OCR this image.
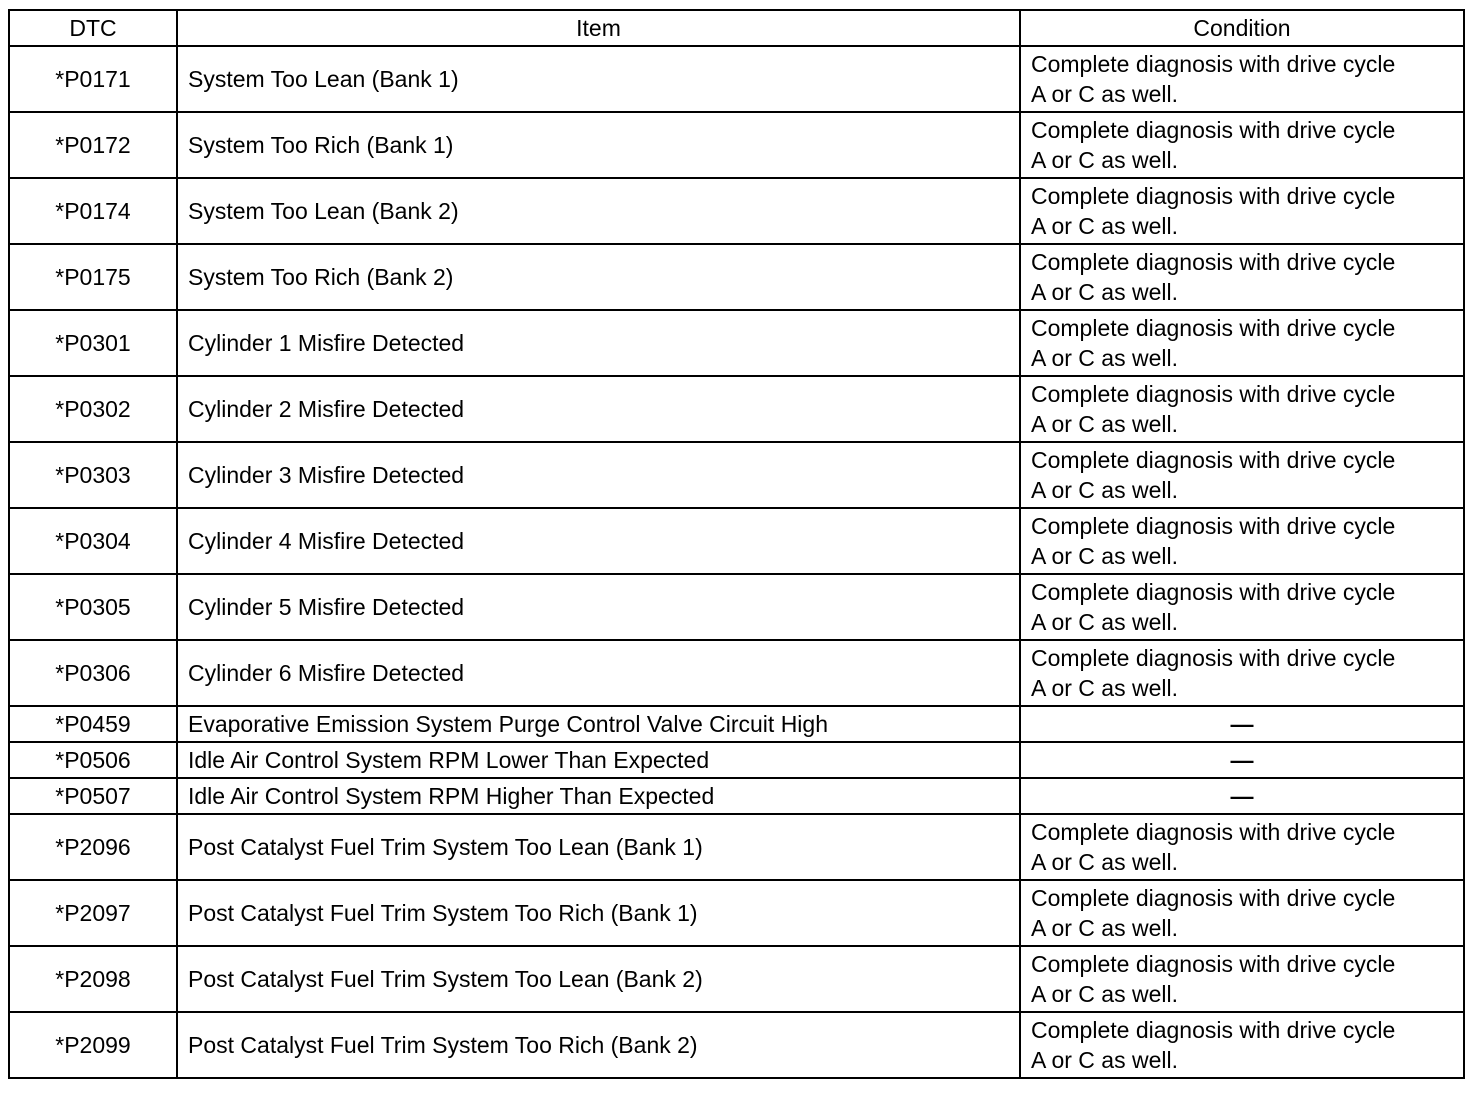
DTC	Item	Condition
*P0171	System Too Lean (Bank 1)	Complete diagnosis with drive cycle
A or C as well.

*P0172	System Too Rich (Bank 1)	Complete diagnosis with drive cycle
A or C as well.

*P0174	System Too Lean (Bank 2)	Complete diagnosis with drive cycle
A or C as well.

*P0175	System Too Rich (Bank 2)	Complete diagnosis with drive cycle
A or C as well.

*P0301	Cylinder 1 Misfire Detected	Complete diagnosis with drive cycle
A or C as well.

*P0302	Cylinder 2 Misfire Detected	Complete diagnosis with drive cycle
A or C as well.

*P0303	Cylinder 3 Misfire Detected	Complete diagnosis with drive cycle
A or C as well.

*P0304	Cylinder 4 Misfire Detected	Complete diagnosis with drive cycle
A or C as well.

*P0305	Cylinder 5 Misfire Detected	Complete diagnosis with drive cycle
A or C as well.

*P0306	Cylinder 6 Misfire Detected	Complete diagnosis with drive cycle
A or C as well.

*P0459	Evaporative Emission System Purge Control Valve Circuit High	—

*P0506	Idle Air Control System RPM Lower Than Expected	—

*P0507	Idle Air Control System RPM Higher Than Expected	—

*P2096	Post Catalyst Fuel Trim System Too Lean (Bank 1)	Complete diagnosis with drive cycle
A or C as well.

*P2097	Post Catalyst Fuel Trim System Too Rich (Bank 1)	Complete diagnosis with drive cycle
A or C as well.

*P2098	Post Catalyst Fuel Trim System Too Lean (Bank 2)	Complete diagnosis with drive cycle
A or C as well.

*P2099	Post Catalyst Fuel Trim System Too Rich (Bank 2)	Complete diagnosis with drive cycle
A or C as well.
